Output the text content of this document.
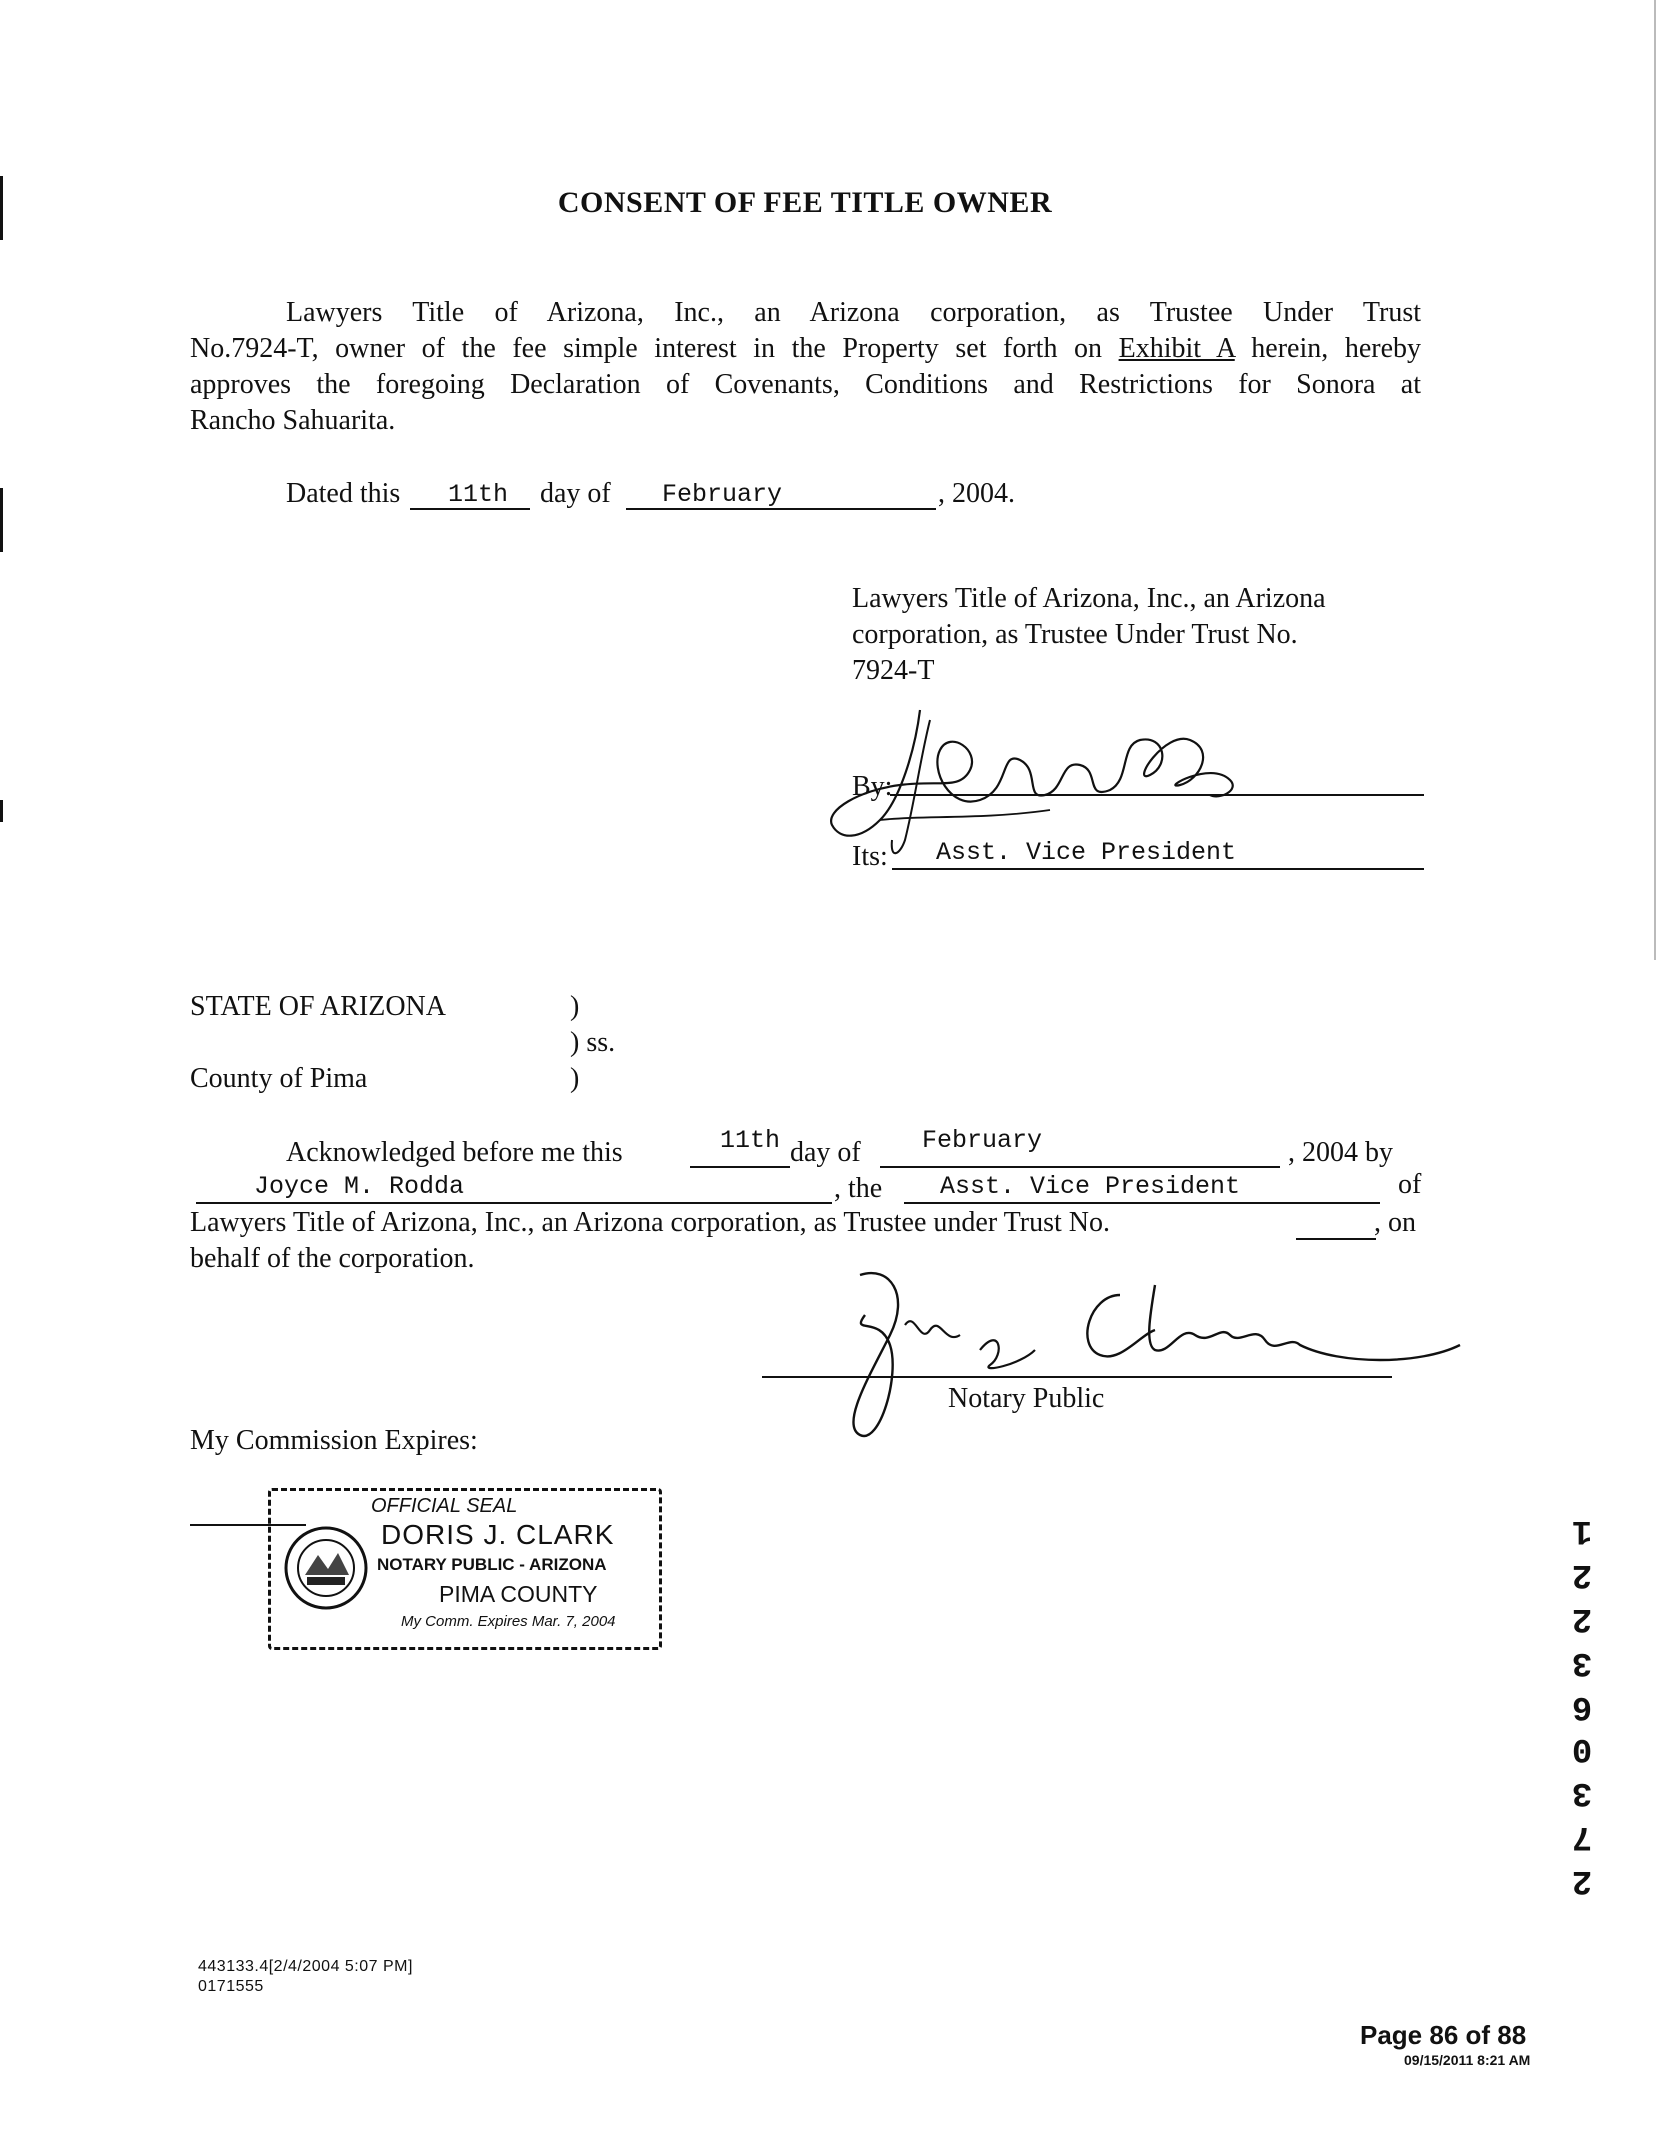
CONSENT OF FEE TITLE OWNER
Lawyers Title of Arizona, Inc., an Arizona corporation, as Trustee Under Trust
No.7924-T, owner of the fee simple interest in the Property set forth on Exhibit A herein, hereby
approves the foregoing Declaration of Covenants, Conditions and Restrictions for Sonora at
Rancho Sahuarita.
Dated this 11th day of February	, 2004.
Lawyers Title of Arizona, Inc., an Arizona
corporation, as Trustee Under Trust No.
7924-T
By:
Its: Asst. Vice President
STATE OF ARIZONA	)
) ss.
County of Pima	)
Acknowledged before me this	11th day of February	, 2004 by
Joyce M. Rodda	, the Asst. Vice President	of
Lawyers Title of Arizona, Inc., an Arizona corporation, as Trustee under Trust No.	, on
behalf of the corporation.
Notary Public
My Commission Expires:
OFFICIAL SEAL
DORIS J. CLARK
NOTARY PUBLIC - ARIZONA
PIMA COUNTY
My Comm. Expires Mar. 7, 2004
1
2
2
3
6
0
3
7
2
443133.4[2/4/2004 5:07 PM]
0171555
Page 86 of 88
09/15/2011 8:21 AM
